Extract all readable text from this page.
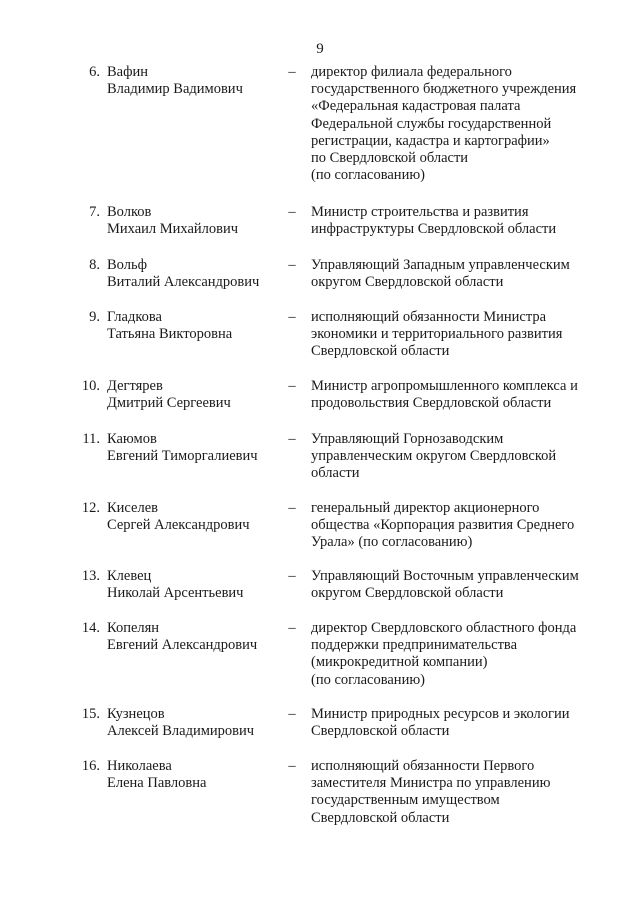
9
6. Вафин
Владимир Вадимович
–	директор филиала федерального
государственного бюджетного учреждения
«Федеральная кадастровая палата
Федеральной службы государственной
регистрации, кадастра и картографии»
по Свердловской области
(по согласованию)
7. Волков
Михаил Михайлович
–	Министр строительства и развития
инфраструктуры Свердловской области
8. Вольф
Виталий Александрович
–	Управляющий Западным управленческим
округом Свердловской области
9. Гладкова
Татьяна Викторовна
–	исполняющий обязанности Министра
экономики и территориального развития
Свердловской области
10. Дегтярев
Дмитрий Сергеевич
–	Министр агропромышленного комплекса и
продовольствия Свердловской области
11. Каюмов
Евгений Тиморгалиевич
–	Управляющий Горнозаводским
управленческим округом Свердловской
области
12. Киселев
Сергей Александрович
–	генеральный директор акционерного
общества «Корпорация развития Среднего
Урала» (по согласованию)
13. Клевец
Николай Арсентьевич
–	Управляющий Восточным управленческим
округом Свердловской области
14. Копелян
Евгений Александрович
–	директор Свердловского областного фонда
поддержки предпринимательства
(микрокредитной компании)
(по согласованию)
15. Кузнецов
Алексей Владимирович
–	Министр природных ресурсов и экологии
Свердловской области
16. Николаева
Елена Павловна
–	исполняющий обязанности Первого
заместителя Министра по управлению
государственным имуществом
Свердловской области
